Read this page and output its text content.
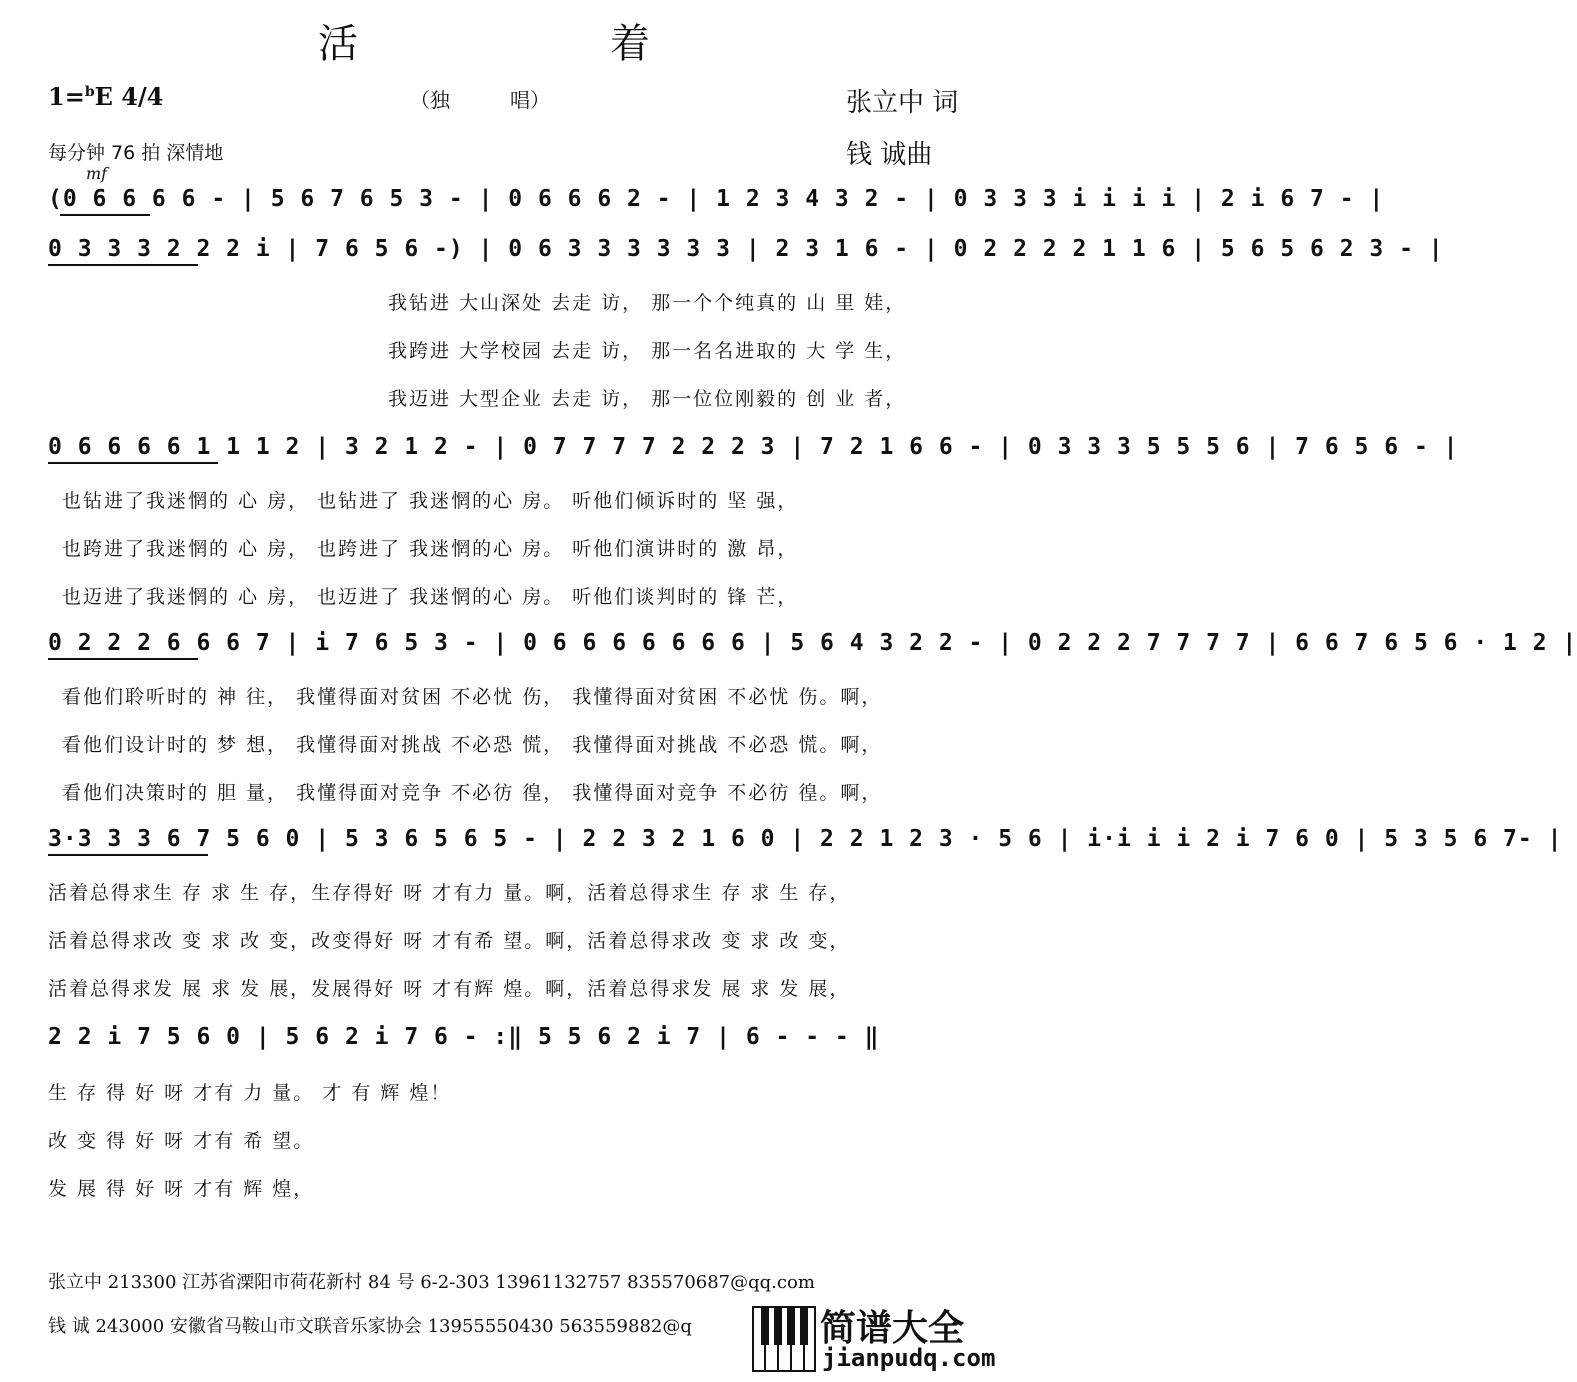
活	着
1=$^b$E 4/4	（独　　　唱）	张立中 词
钱 诚曲
每分钟 76 拍 深情地
mf
(0 6 6 6 6 - | 5 6 7 6 5 3 - | 0 6 6 6 2 - | 1 2 3 4 3 2 - | 0 3 3 3 i i i i | 2 i 6 7 - |
0 3 3 3 2 2 2 i | 7 6 5 6 -) | 0 6 3 3 3 3 3 3 | 2 3 1 6 - | 0 2 2 2 2 1 1 6 | 5 6 5 6 2 3 - |
我钻进 大山深处 去走 访， 那一个个纯真的 山 里 娃，
我跨进 大学校园 去走 访， 那一名名进取的 大 学 生，
我迈进 大型企业 去走 访， 那一位位刚毅的 创 业 者，
0 6 6 6 6 1 1 1 2 | 3 2 1 2 - | 0 7 7 7 7 2 2 2 3 | 7 2 1 6 6 - | 0 3 3 3 5 5 5 6 | 7 6 5 6 - |
也钻进了我迷惘的 心 房， 也钻进了 我迷惘的心 房。 听他们倾诉时的 坚 强，
也跨进了我迷惘的 心 房， 也跨进了 我迷惘的心 房。 听他们演讲时的 激 昂，
也迈进了我迷惘的 心 房， 也迈进了 我迷惘的心 房。 听他们谈判时的 锋 芒，
0 2 2 2 6 6 6 7 | i 7 6 5 3 - | 0 6 6 6 6 6 6 6 | 5 6 4 3 2 2 - | 0 2 2 2 7 7 7 7 | 6 6 7 6 5 6 · 1 2 |
看他们聆听时的 神 往， 我懂得面对贫困 不必忧 伤， 我懂得面对贫困 不必忧 伤。啊，
看他们设计时的 梦 想， 我懂得面对挑战 不必恐 慌， 我懂得面对挑战 不必恐 慌。啊，
看他们决策时的 胆 量， 我懂得面对竞争 不必彷 徨， 我懂得面对竞争 不必彷 徨。啊，
3·3 3 3 6 7 5 6 0 | 5 3 6 5 6 5 - | 2 2 3 2 1 6 0 | 2 2 1 2 3 · 5 6 | i·i i i 2 i 7 6 0 | 5 3 5 6 7- |
活着总得求生 存 求 生 存，生存得好 呀 才有力 量。啊，活着总得求生 存 求 生 存，
活着总得求改 变 求 改 变，改变得好 呀 才有希 望。啊，活着总得求改 变 求 改 变，
活着总得求发 展 求 发 展，发展得好 呀 才有辉 煌。啊，活着总得求发 展 求 发 展，
2 2 i 7 5 6 0 | 5 6 2 i 7 6 - :‖ 5 5 6 2 i 7 | 6 - - - ‖
生 存 得 好 呀 才有 力 量。 才 有 辉 煌！
改 变 得 好 呀 才有 希 望。
发 展 得 好 呀 才有 辉 煌，
张立中 213300 江苏省溧阳市荷花新村 84 号 6-2-303 13961132757 835570687@qq.com
钱 诚 243000 安徽省马鞍山市文联音乐家协会 13955550430 563559882@q	简谱大全
jianpudq.com
